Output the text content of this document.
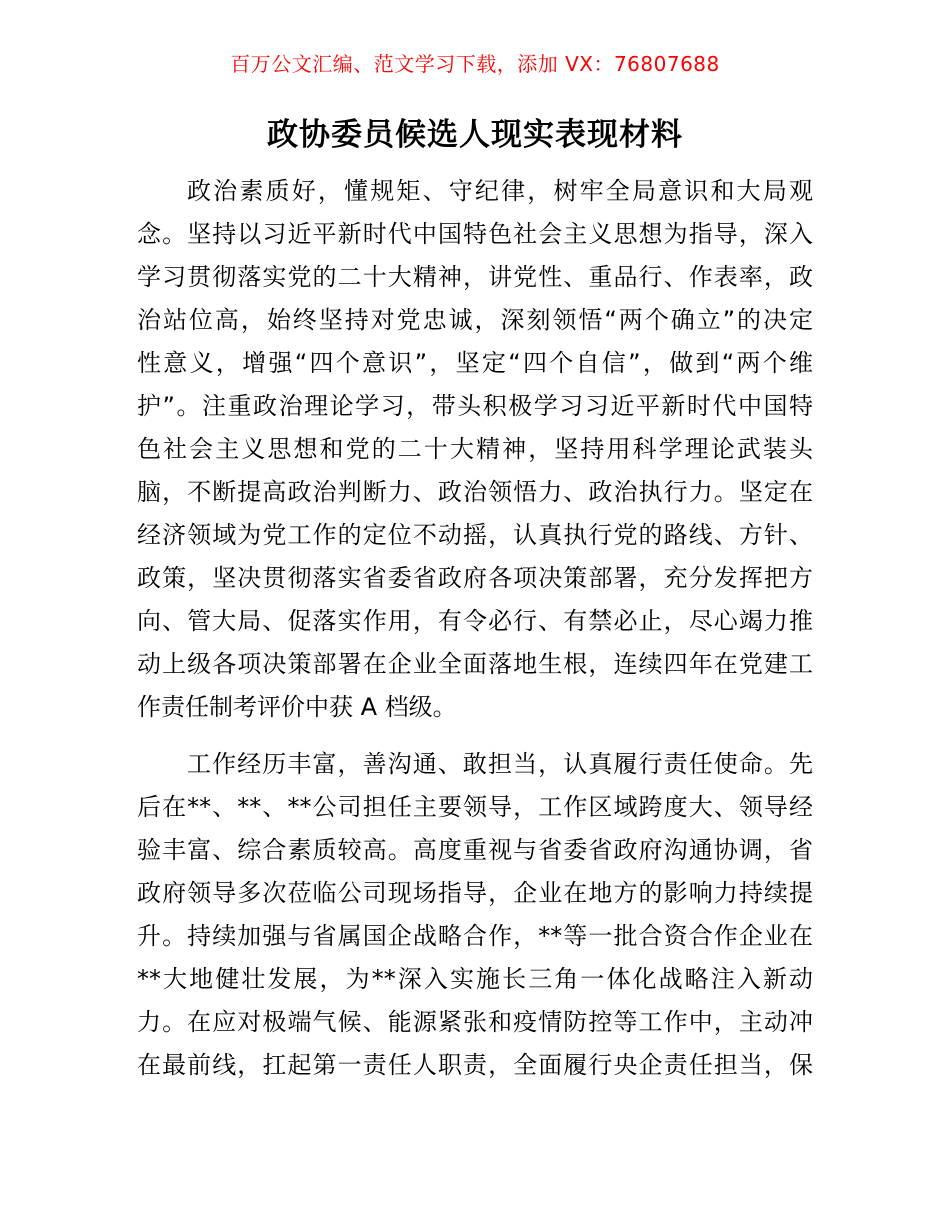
百万公文汇编、范文学习下载，添加 VX：76807688
政协委员候选人现实表现材料
政治素质好，懂规矩、守纪律，树牢全局意识和大局观
念。坚持以习近平新时代中国特色社会主义思想为指导，深入
学习贯彻落实党的二十大精神，讲党性、重品行、作表率，政
治站位高，始终坚持对党忠诚，深刻领悟“两个确立”的决定
性意义，增强“四个意识”，坚定“四个自信”，做到“两个维
护”。注重政治理论学习，带头积极学习习近平新时代中国特
色社会主义思想和党的二十大精神，坚持用科学理论武装头
脑，不断提高政治判断力、政治领悟力、政治执行力。坚定在
经济领域为党工作的定位不动摇，认真执行党的路线、方针、
政策，坚决贯彻落实省委省政府各项决策部署，充分发挥把方
向、管大局、促落实作用，有令必行、有禁必止，尽心竭力推
动上级各项决策部署在企业全面落地生根，连续四年在党建工
作责任制考评价中获 A 档级。
工作经历丰富，善沟通、敢担当，认真履行责任使命。先
后在**、**、**公司担任主要领导，工作区域跨度大、领导经
验丰富、综合素质较高。高度重视与省委省政府沟通协调，省
政府领导多次莅临公司现场指导，企业在地方的影响力持续提
升。持续加强与省属国企战略合作，**等一批合资合作企业在
**大地健壮发展，为**深入实施长三角一体化战略注入新动
力。在应对极端气候、能源紧张和疫情防控等工作中，主动冲
在最前线，扛起第一责任人职责，全面履行央企责任担当，保
